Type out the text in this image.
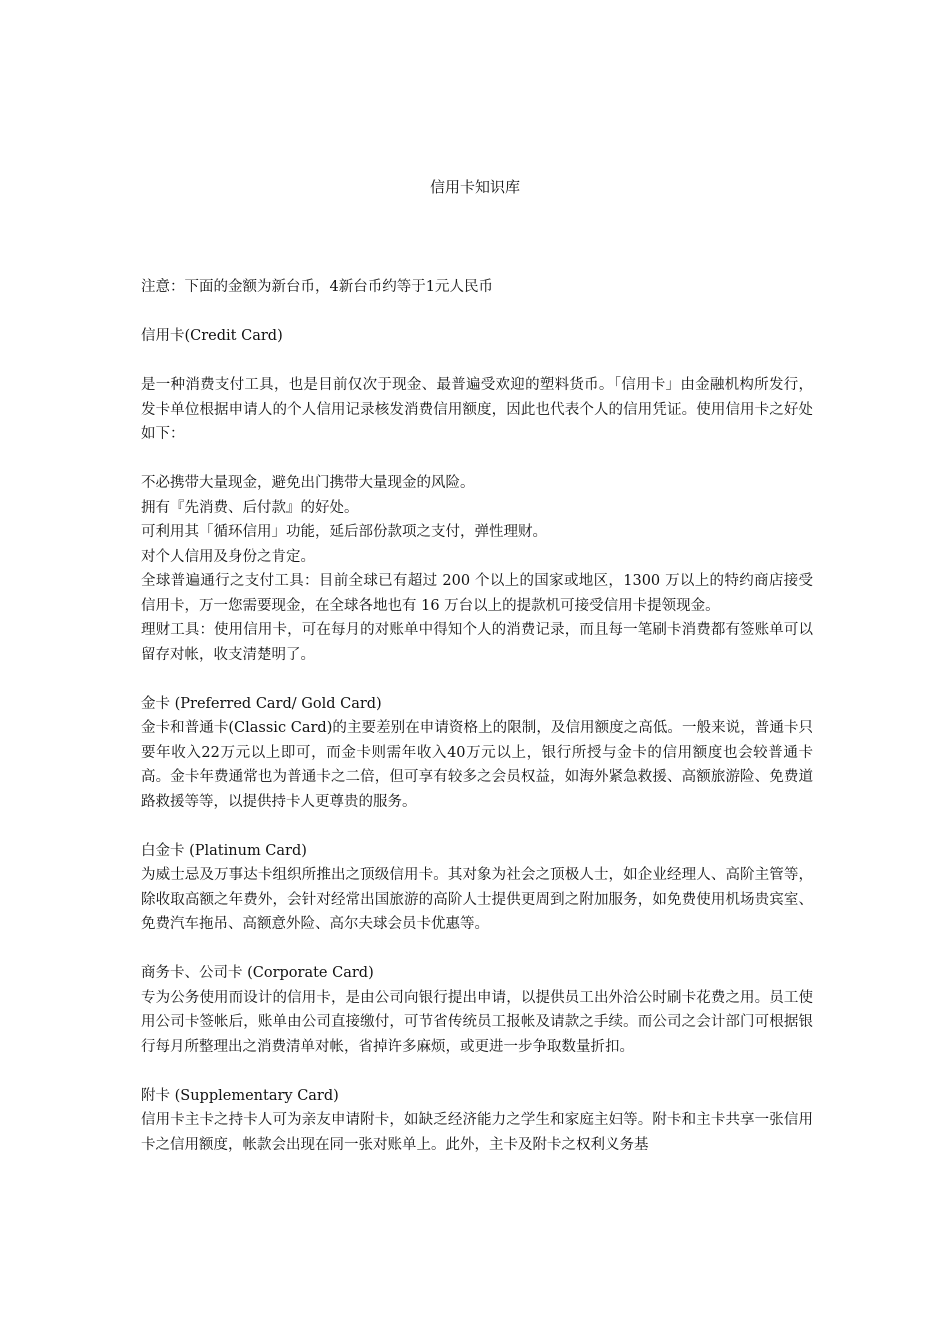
信用卡知识库

注意：下面的金额为新台币，4新台币约等于1元人民币

信用卡(Credit Card)

是一种消费支付工具，也是目前仅次于现金、最普遍受欢迎的塑料货币。「信用卡」由金融机构所发行，发卡单位根据申请人的个人信用记录核发消费信用额度，因此也代表个人的信用凭证。使用信用卡之好处如下：

不必携带大量现金，避免出门携带大量现金的风险。

拥有『先消费、后付款』的好处。

可利用其「循环信用」功能，延后部份款项之支付，弹性理财。

对个人信用及身份之肯定。

全球普遍通行之支付工具：目前全球已有超过 200 个以上的国家或地区，1300 万以上的特约商店接受信用卡，万一您需要现金，在全球各地也有 16 万台以上的提款机可接受信用卡提领现金。

理财工具：使用信用卡，可在每月的对账单中得知个人的消费记录，而且每一笔刷卡消费都有签账单可以留存对帐，收支清楚明了。

金卡 (Preferred Card/ Gold Card)

金卡和普通卡(Classic Card)的主要差别在申请资格上的限制，及信用额度之高低。一般来说，普通卡只要年收入22万元以上即可，而金卡则需年收入40万元以上，银行所授与金卡的信用额度也会较普通卡高。金卡年费通常也为普通卡之二倍，但可享有较多之会员权益，如海外紧急救援、高额旅游险、免费道路救援等等，以提供持卡人更尊贵的服务。

白金卡 (Platinum Card)

为威士忌及万事达卡组织所推出之顶级信用卡。其对象为社会之顶极人士，如企业经理人、高阶主管等，除收取高额之年费外，会针对经常出国旅游的高阶人士提供更周到之附加服务，如免费使用机场贵宾室、免费汽车拖吊、高额意外险、高尔夫球会员卡优惠等。

商务卡、公司卡 (Corporate Card)

专为公务使用而设计的信用卡，是由公司向银行提出申请，以提供员工出外洽公时刷卡花费之用。员工使用公司卡签帐后，账单由公司直接缴付，可节省传统员工报帐及请款之手续。而公司之会计部门可根据银行每月所整理出之消费清单对帐，省掉许多麻烦，或更进一步争取数量折扣。

附卡 (Supplementary Card)

信用卡主卡之持卡人可为亲友申请附卡，如缺乏经济能力之学生和家庭主妇等。附卡和主卡共享一张信用卡之信用额度，帐款会出现在同一张对账单上。此外，主卡及附卡之权利义务基
